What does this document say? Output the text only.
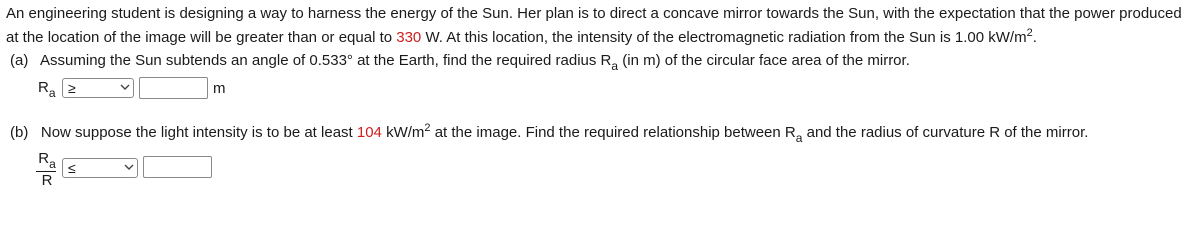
An engineering student is designing a way to harness the energy of the Sun. Her plan is to direct a concave mirror towards the Sun, with the expectation that the power produced at the location of the image will be greater than or equal to 330 W. At this location, the intensity of the electromagnetic radiation from the Sun is 1.00 $kW/m^2$.
(a) Assuming the Sun subtends an angle of 0.533° at the Earth, find the required radius $R_a$ (in m) of the circular face area of the mirror.
$R_a$ ≥	m
(b) Now suppose the light intensity is to be at least 104 $kW/m^2$ at the image. Find the required relationship between $R_a$ and the radius of curvature R of the mirror.
$R_a$
R
≤
